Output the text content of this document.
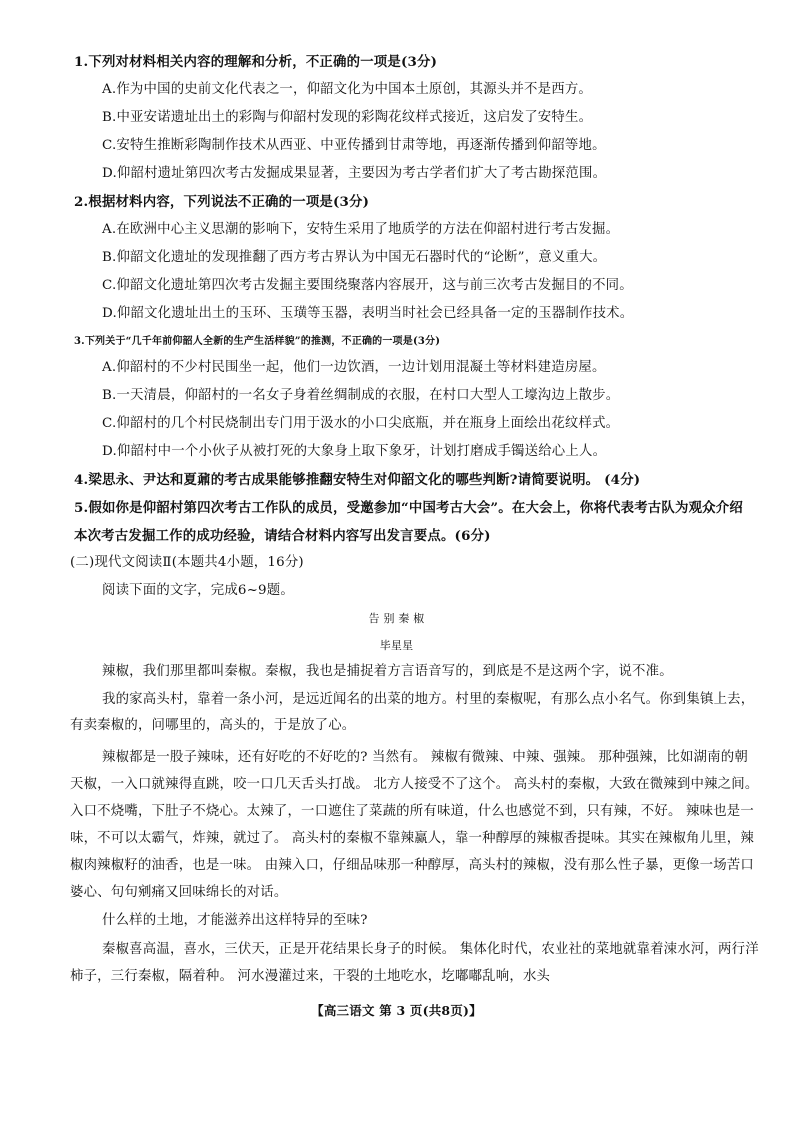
1.下列对材料相关内容的理解和分析，不正确的一项是(3分)
A.作为中国的史前文化代表之一，仰韶文化为中国本土原创，其源头并不是西方。
B.中亚安诺遗址出土的彩陶与仰韶村发现的彩陶花纹样式接近，这启发了安特生。
C.安特生推断彩陶制作技术从西亚、中亚传播到甘肃等地，再逐渐传播到仰韶等地。
D.仰韶村遗址第四次考古发掘成果显著，主要因为考古学者们扩大了考古勘探范围。
2.根据材料内容，下列说法不正确的一项是(3分)
A.在欧洲中心主义思潮的影响下，安特生采用了地质学的方法在仰韶村进行考古发掘。
B.仰韶文化遗址的发现推翻了西方考古界认为中国无石器时代的“论断”，意义重大。
C.仰韶文化遗址第四次考古发掘主要围绕聚落内容展开，这与前三次考古发掘目的不同。
D.仰韶文化遗址出土的玉环、玉璜等玉器，表明当时社会已经具备一定的玉器制作技术。
3.下列关于“几千年前仰韶人全新的生产生活样貌”的推测，不正确的一项是(3分)
A.仰韶村的不少村民围坐一起，他们一边饮酒，一边计划用混凝土等材料建造房屋。
B.一天清晨，仰韶村的一名女子身着丝绸制成的衣服，在村口大型人工壕沟边上散步。
C.仰韶村的几个村民烧制出专门用于汲水的小口尖底瓶，并在瓶身上面绘出花纹样式。
D.仰韶村中一个小伙子从被打死的大象身上取下象牙，计划打磨成手镯送给心上人。
4.梁思永、尹达和夏鼐的考古成果能够推翻安特生对仰韶文化的哪些判断?请简要说明。 (4分)
5.假如你是仰韶村第四次考古工作队的成员，受邀参加“中国考古大会”。在大会上，你将代表考古队为观众介绍
本次考古发掘工作的成功经验，请结合材料内容写出发言要点。(6分)
(二)现代文阅读Ⅱ(本题共4小题，16分)
阅读下面的文字，完成6~9题。
告 别 秦 椒
毕星星
辣椒，我们那里都叫秦椒。秦椒，我也是捕捉着方言语音写的，到底是不是这两个字，说不准。
我的家高头村，靠着一条小河，是远近闻名的出菜的地方。村里的秦椒呢，有那么点小名气。你到集镇上去，
有卖秦椒的，问哪里的，高头的，于是放了心。
辣椒都是一股子辣味，还有好吃的不好吃的? 当然有。 辣椒有微辣、中辣、强辣。 那种强辣，比如湖南的朝
天椒，一入口就辣得直跳，咬一口几天舌头打战。 北方人接受不了这个。 高头村的秦椒，大致在微辣到中辣之间。
入口不烧嘴，下肚子不烧心。太辣了，一口遮住了菜蔬的所有味道，什么也感觉不到，只有辣，不好。 辣味也是一
味，不可以太霸气，炸辣，就过了。 高头村的秦椒不靠辣赢人，靠一种醇厚的辣椒香提味。其实在辣椒角儿里，辣
椒肉辣椒籽的油香，也是一味。 由辣入口，仔细品味那一种醇厚，高头村的辣椒，没有那么性子暴，更像一场苦口
婆心、句句剜痛又回味绵长的对话。
什么样的土地，才能滋养出这样特异的至味?
秦椒喜高温，喜水，三伏天，正是开花结果长身子的时候。 集体化时代，农业社的菜地就靠着涑水河，两行洋
柿子，三行秦椒，隔着种。 河水漫灌过来，干裂的土地吃水，圪嘟嘟乱响，水头
【高三语文 第 3 页(共8页)】
